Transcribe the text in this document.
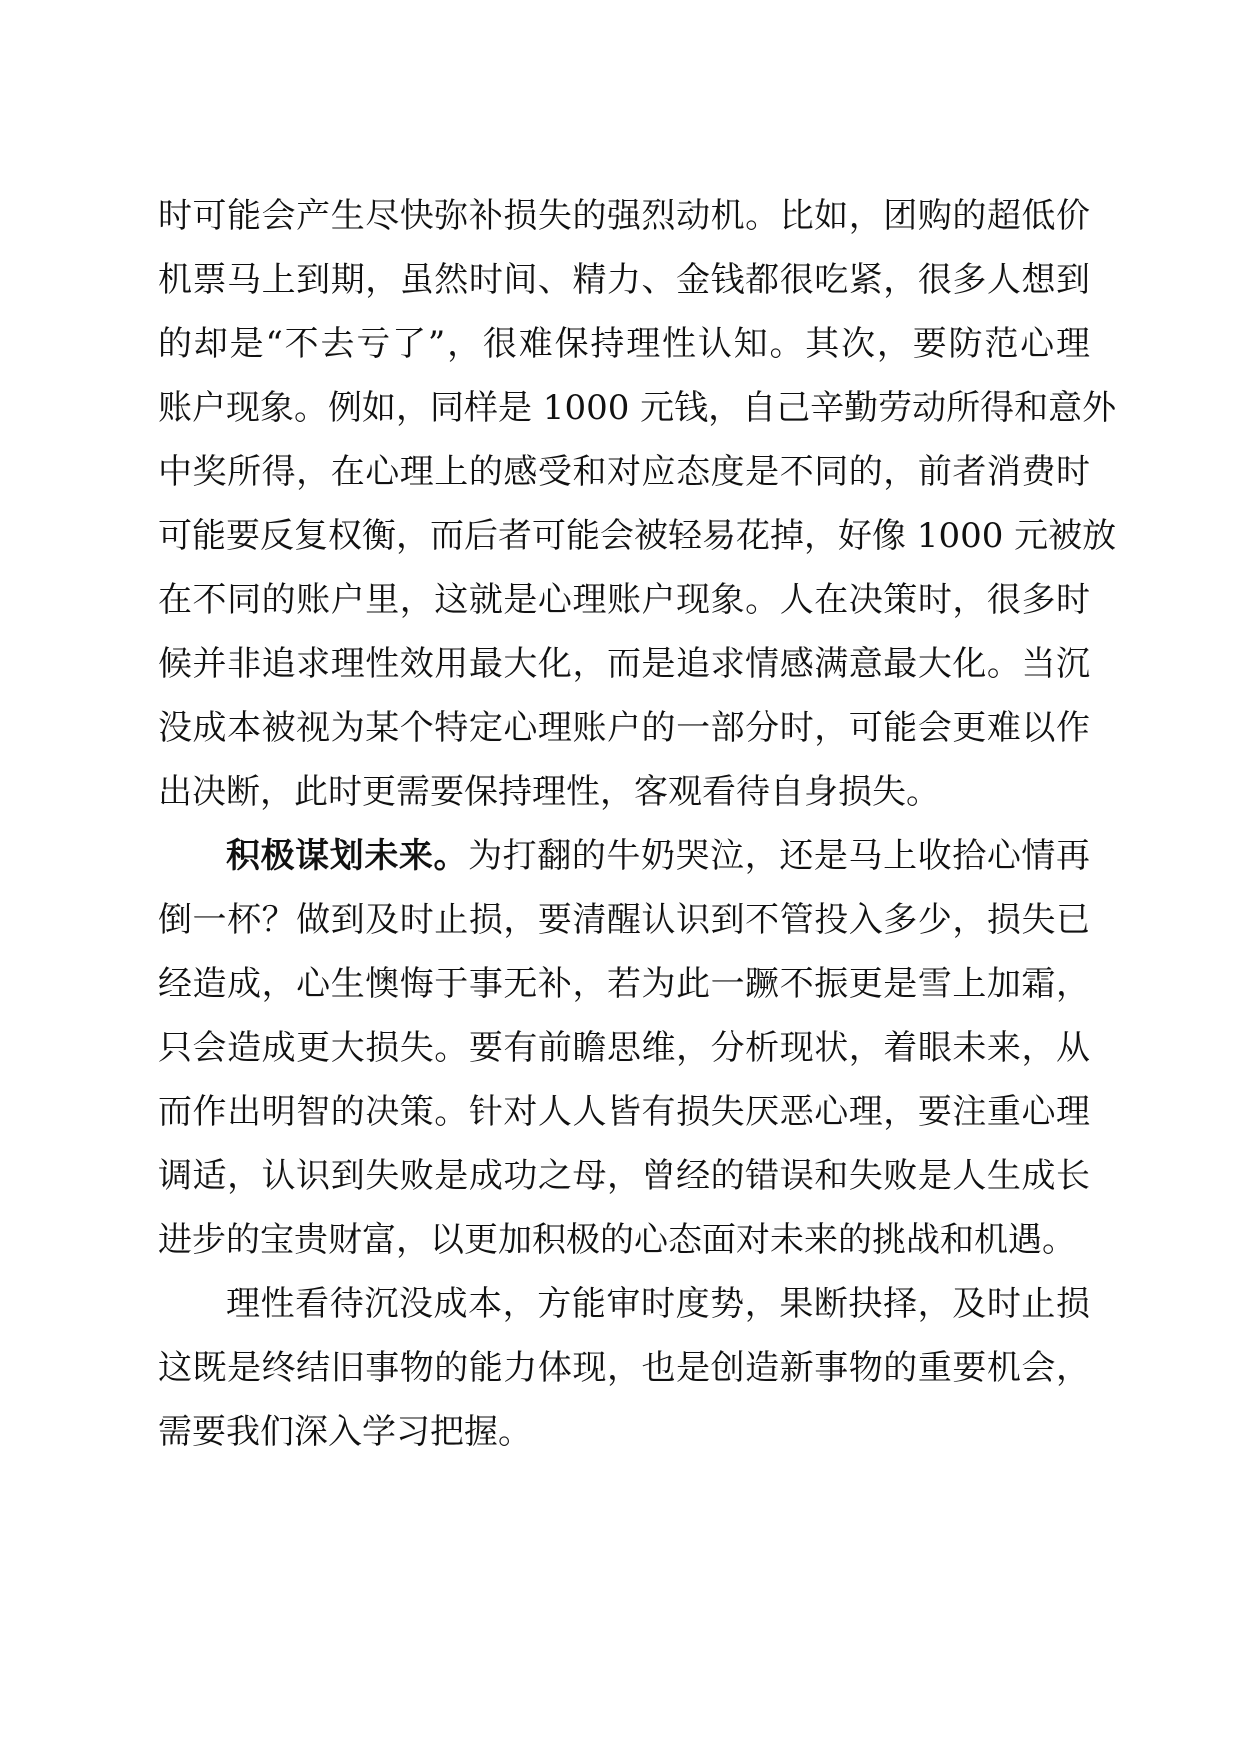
时可能会产生尽快弥补损失的强烈动机。比如，团购的超低价
机票马上到期，虽然时间、精力、金钱都很吃紧，很多人想到
的却是“不去亏了”，很难保持理性认知。其次，要防范心理
账户现象。例如，同样是 1000 元钱，自己辛勤劳动所得和意外
中奖所得，在心理上的感受和对应态度是不同的，前者消费时
可能要反复权衡，而后者可能会被轻易花掉，好像 1000 元被放
在不同的账户里，这就是心理账户现象。人在决策时，很多时
候并非追求理性效用最大化，而是追求情感满意最大化。当沉
没成本被视为某个特定心理账户的一部分时，可能会更难以作
出决断，此时更需要保持理性，客观看待自身损失。
积极谋划未来。为打翻的牛奶哭泣，还是马上收拾心情再
倒一杯？做到及时止损，要清醒认识到不管投入多少，损失已
经造成，心生懊悔于事无补，若为此一蹶不振更是雪上加霜，
只会造成更大损失。要有前瞻思维，分析现状，着眼未来，从
而作出明智的决策。针对人人皆有损失厌恶心理，要注重心理
调适，认识到失败是成功之母，曾经的错误和失败是人生成长
进步的宝贵财富，以更加积极的心态面对未来的挑战和机遇。
理性看待沉没成本，方能审时度势，果断抉择，及时止损
这既是终结旧事物的能力体现，也是创造新事物的重要机会，
需要我们深入学习把握。
